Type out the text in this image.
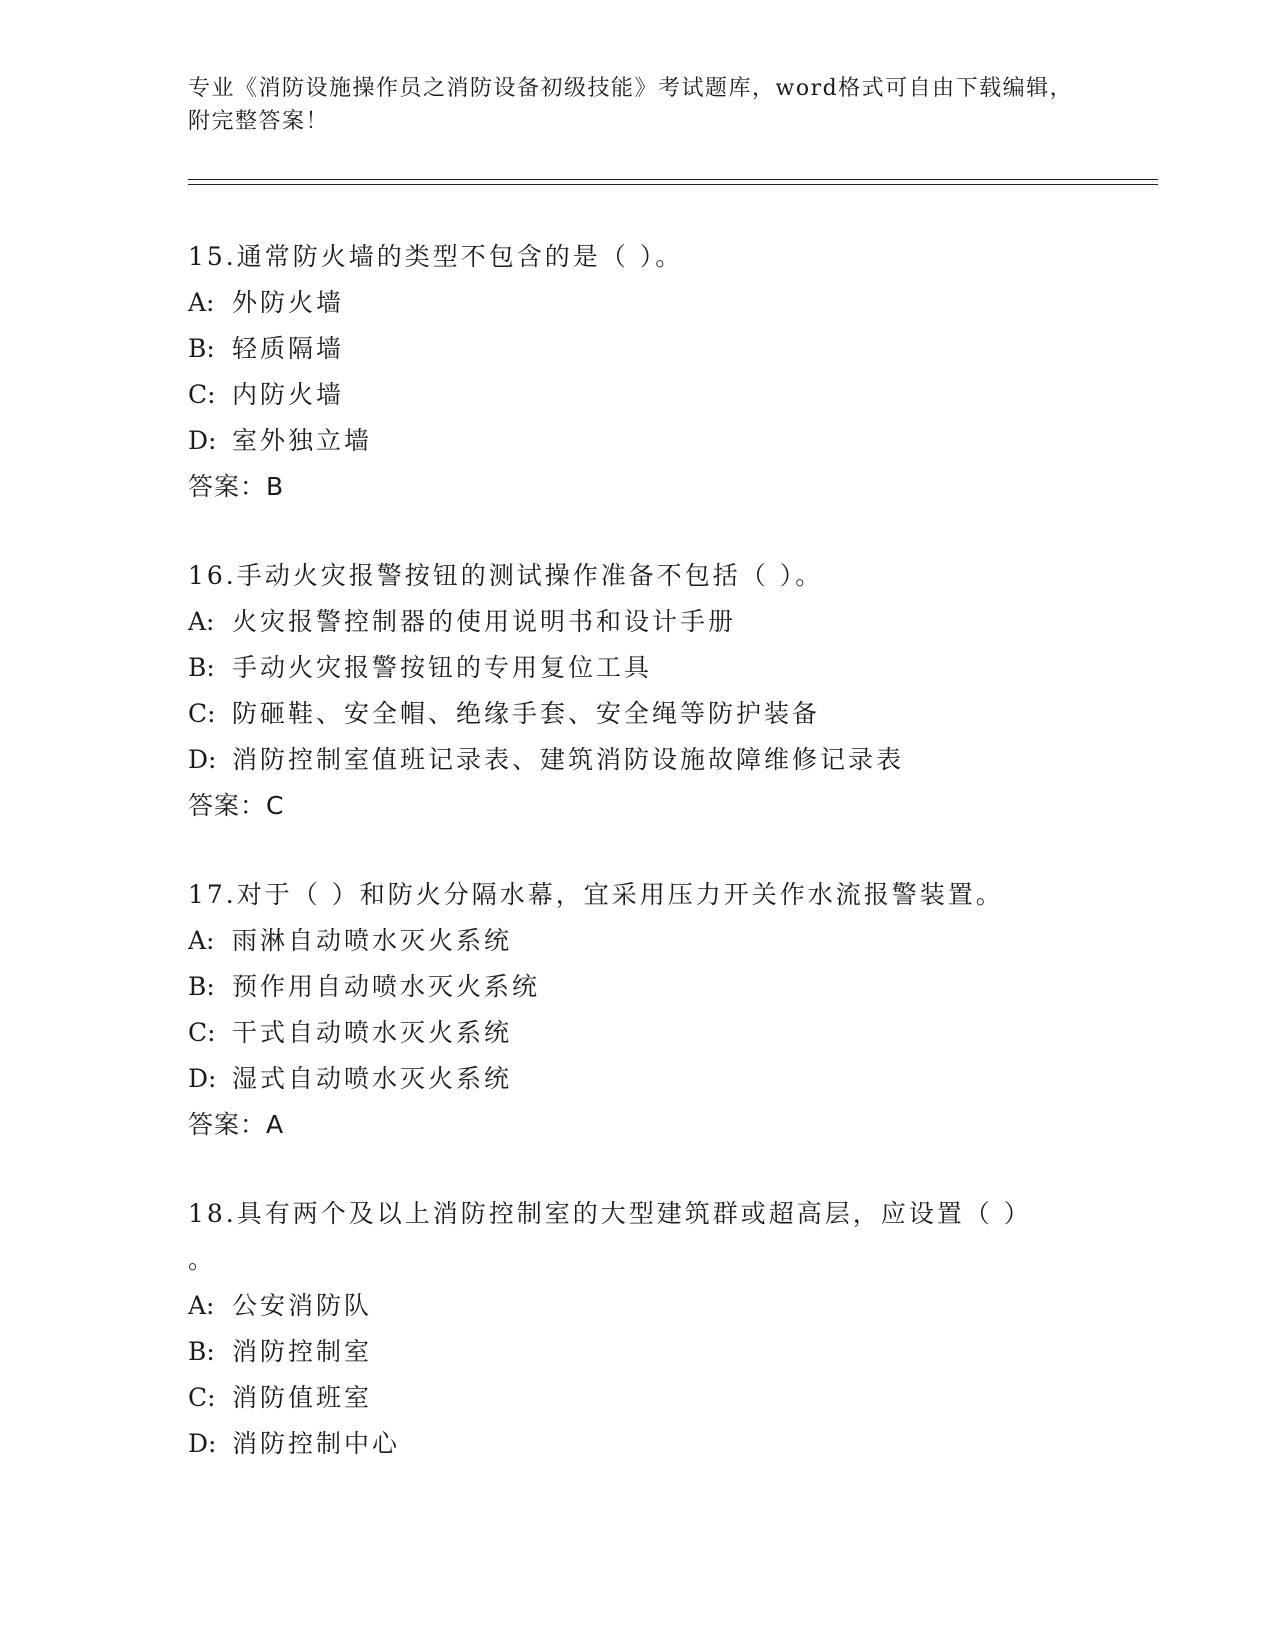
专业《消防设施操作员之消防设备初级技能》考试题库，word格式可自由下载编辑，附完整答案！
15.通常防火墙的类型不包含的是（ ）。
A: 外防火墙
B: 轻质隔墙
C: 内防火墙
D: 室外独立墙
答案：B
16.手动火灾报警按钮的测试操作准备不包括（ ）。
A: 火灾报警控制器的使用说明书和设计手册
B: 手动火灾报警按钮的专用复位工具
C: 防砸鞋、安全帽、绝缘手套、安全绳等防护装备
D: 消防控制室值班记录表、建筑消防设施故障维修记录表
答案：C
17.对于（ ）和防火分隔水幕，宜采用压力开关作水流报警装置。
A: 雨淋自动喷水灭火系统
B: 预作用自动喷水灭火系统
C: 干式自动喷水灭火系统
D: 湿式自动喷水灭火系统
答案：A
18.具有两个及以上消防控制室的大型建筑群或超高层，应设置（ ）
。
A: 公安消防队
B: 消防控制室
C: 消防值班室
D: 消防控制中心
